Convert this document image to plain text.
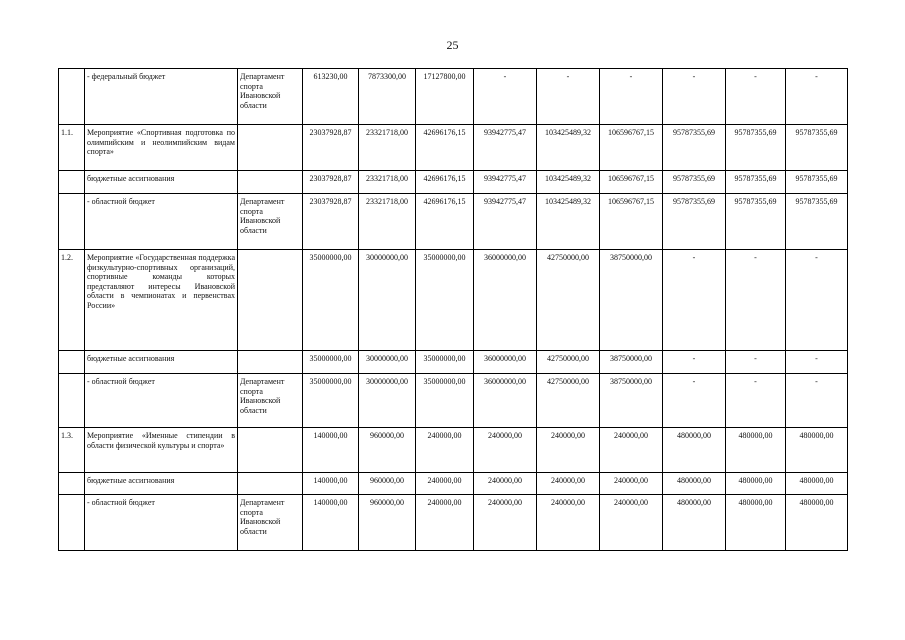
25
	- федеральный бюджет	Департамент спорта Ивановской области	613230,00	7873300,00	17127800,00	-	-	-	-	-	-
1.1.	Мероприятие «Спортивная подготовка по олимпийским и неолимпийским видам спорта»		23037928,87	23321718,00	42696176,15	93942775,47	103425489,32	106596767,15	95787355,69	95787355,69	95787355,69
	бюджетные ассигнования		23037928,87	23321718,00	42696176,15	93942775,47	103425489,32	106596767,15	95787355,69	95787355,69	95787355,69
	- областной бюджет	Департамент спорта Ивановской области	23037928,87	23321718,00	42696176,15	93942775,47	103425489,32	106596767,15	95787355,69	95787355,69	95787355,69
1.2.	Мероприятие «Государственная поддержка физкультурно-спортивных организаций, спортивные команды которых представляют интересы Ивановской области в чемпионатах и первенствах России»		35000000,00	30000000,00	35000000,00	36000000,00	42750000,00	38750000,00	-	-	-
	бюджетные ассигнования		35000000,00	30000000,00	35000000,00	36000000,00	42750000,00	38750000,00	-	-	-
	- областной бюджет	Департамент спорта Ивановской области	35000000,00	30000000,00	35000000,00	36000000,00	42750000,00	38750000,00	-	-	-
1.3.	Мероприятие «Именные стипендии в области физической культуры и спорта»		140000,00	960000,00	240000,00	240000,00	240000,00	240000,00	480000,00	480000,00	480000,00
	бюджетные ассигнования		140000,00	960000,00	240000,00	240000,00	240000,00	240000,00	480000,00	480000,00	480000,00
	- областной бюджет	Департамент спорта Ивановской области	140000,00	960000,00	240000,00	240000,00	240000,00	240000,00	480000,00	480000,00	480000,00
